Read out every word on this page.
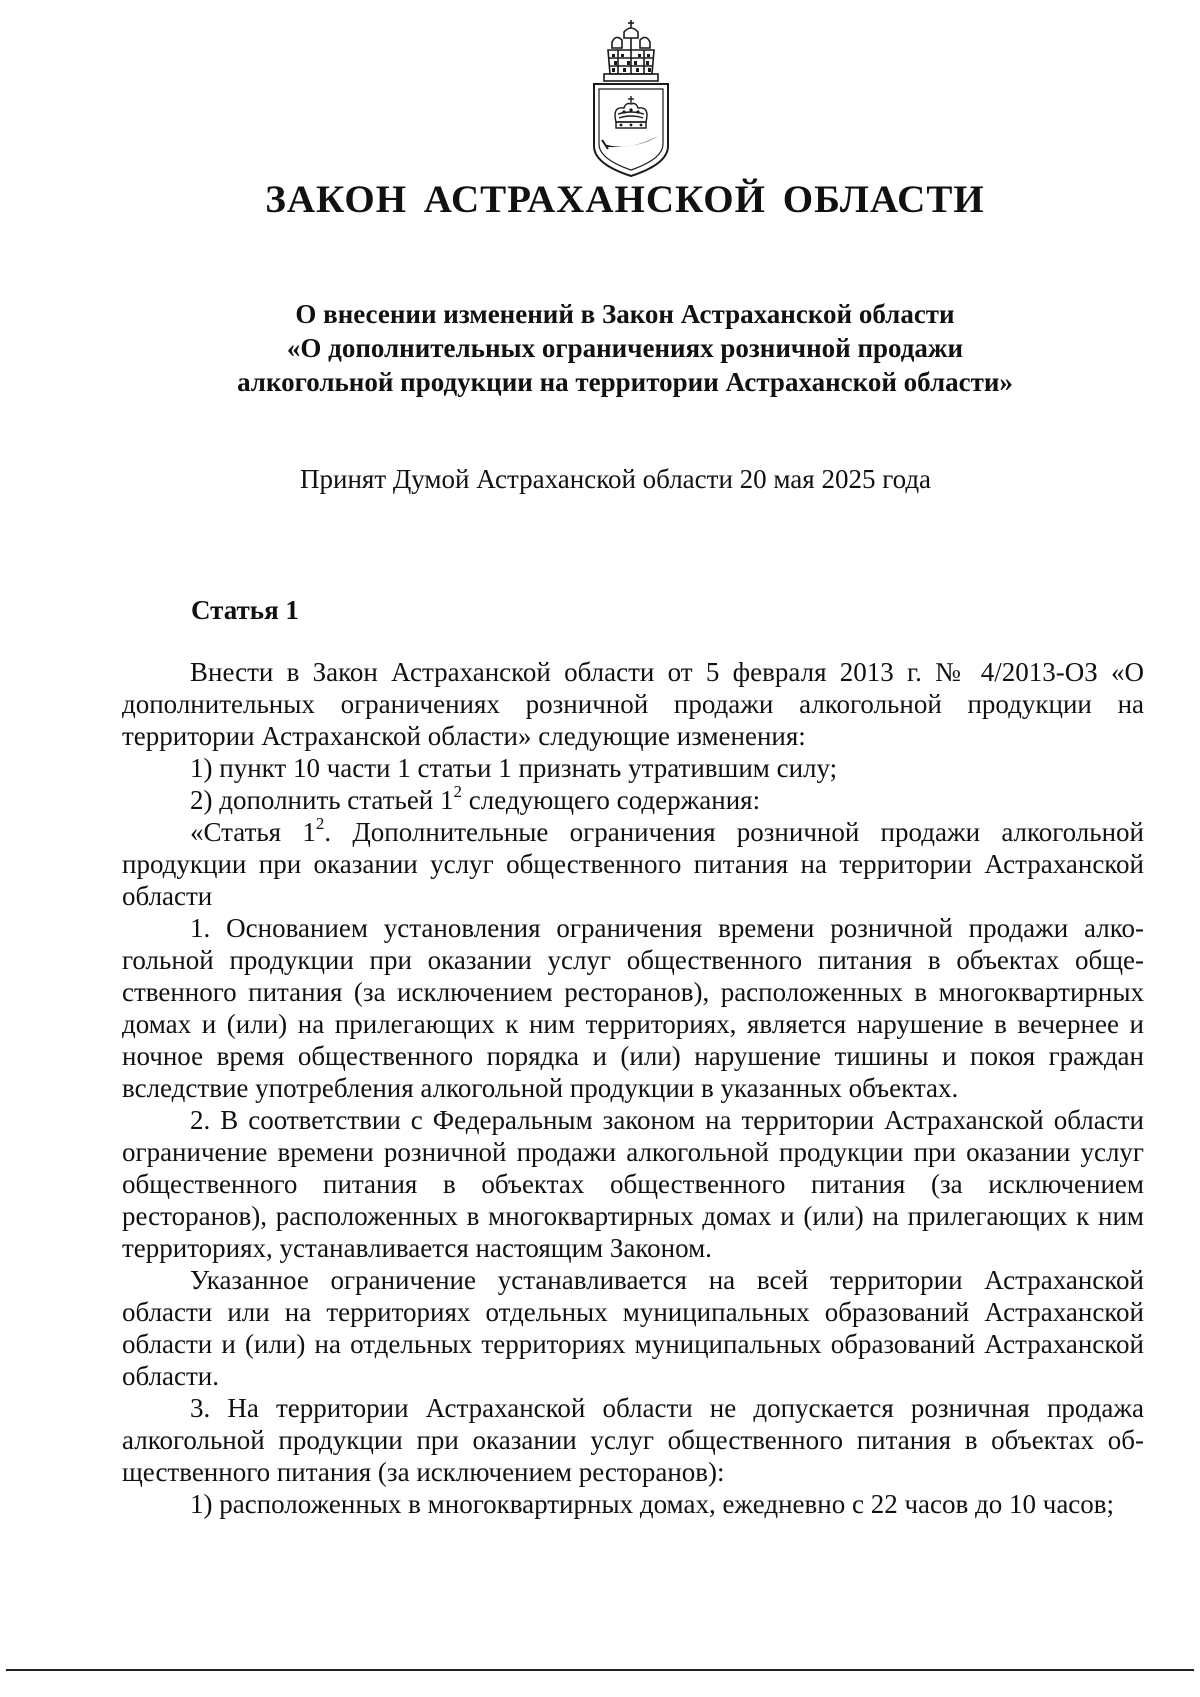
ЗАКОН АСТРАХАНСКОЙ ОБЛАСТИ
О внесении изменений в Закон Астраханской области
«О дополнительных ограничениях розничной продажи
алкогольной продукции на территории Астраханской области»
Принят Думой Астраханской области 20 мая 2025 года
Статья 1

Внести в Закон Астраханской области от 5 февраля 2013 г. № 4/2013-ОЗ «О дополнительных ограничениях розничной продажи алкогольной продукции на территории Астраханской области» следующие изменения:

1) пункт 10 части 1 статьи 1 признать утратившим силу;

2) дополнить статьей $1^2$ следующего содержания:

«Статья $1^2$. Дополнительные ограничения розничной продажи алкогольной продукции при оказании услуг общественного питания на территории Астраханской области

1. Основанием установления ограничения времени розничной продажи алкогольной продукции при оказании услуг общественного питания в объектах общественного питания (за исключением ресторанов), расположенных в многоквартирных домах и (или) на прилегающих к ним территориях, является нарушение в вечернее и ночное время общественного порядка и (или) нарушение тишины и покоя граждан вследствие употребления алкогольной продукции в указанных объектах.

2. В соответствии с Федеральным законом на территории Астраханской области ограничение времени розничной продажи алкогольной продукции при оказании услуг общественного питания в объектах общественного питания (за исключением ресторанов), расположенных в многоквартирных домах и (или) на прилегающих к ним территориях, устанавливается настоящим Законом.

Указанное ограничение устанавливается на всей территории Астраханской области или на территориях отдельных муниципальных образований Астраханской области и (или) на отдельных территориях муниципальных образований Астраханской области.

3. На территории Астраханской области не допускается розничная продажа алкогольной продукции при оказании услуг общественного питания в объектах общественного питания (за исключением ресторанов):

1) расположенных в многоквартирных домах, ежедневно с 22 часов до 10 часов;
